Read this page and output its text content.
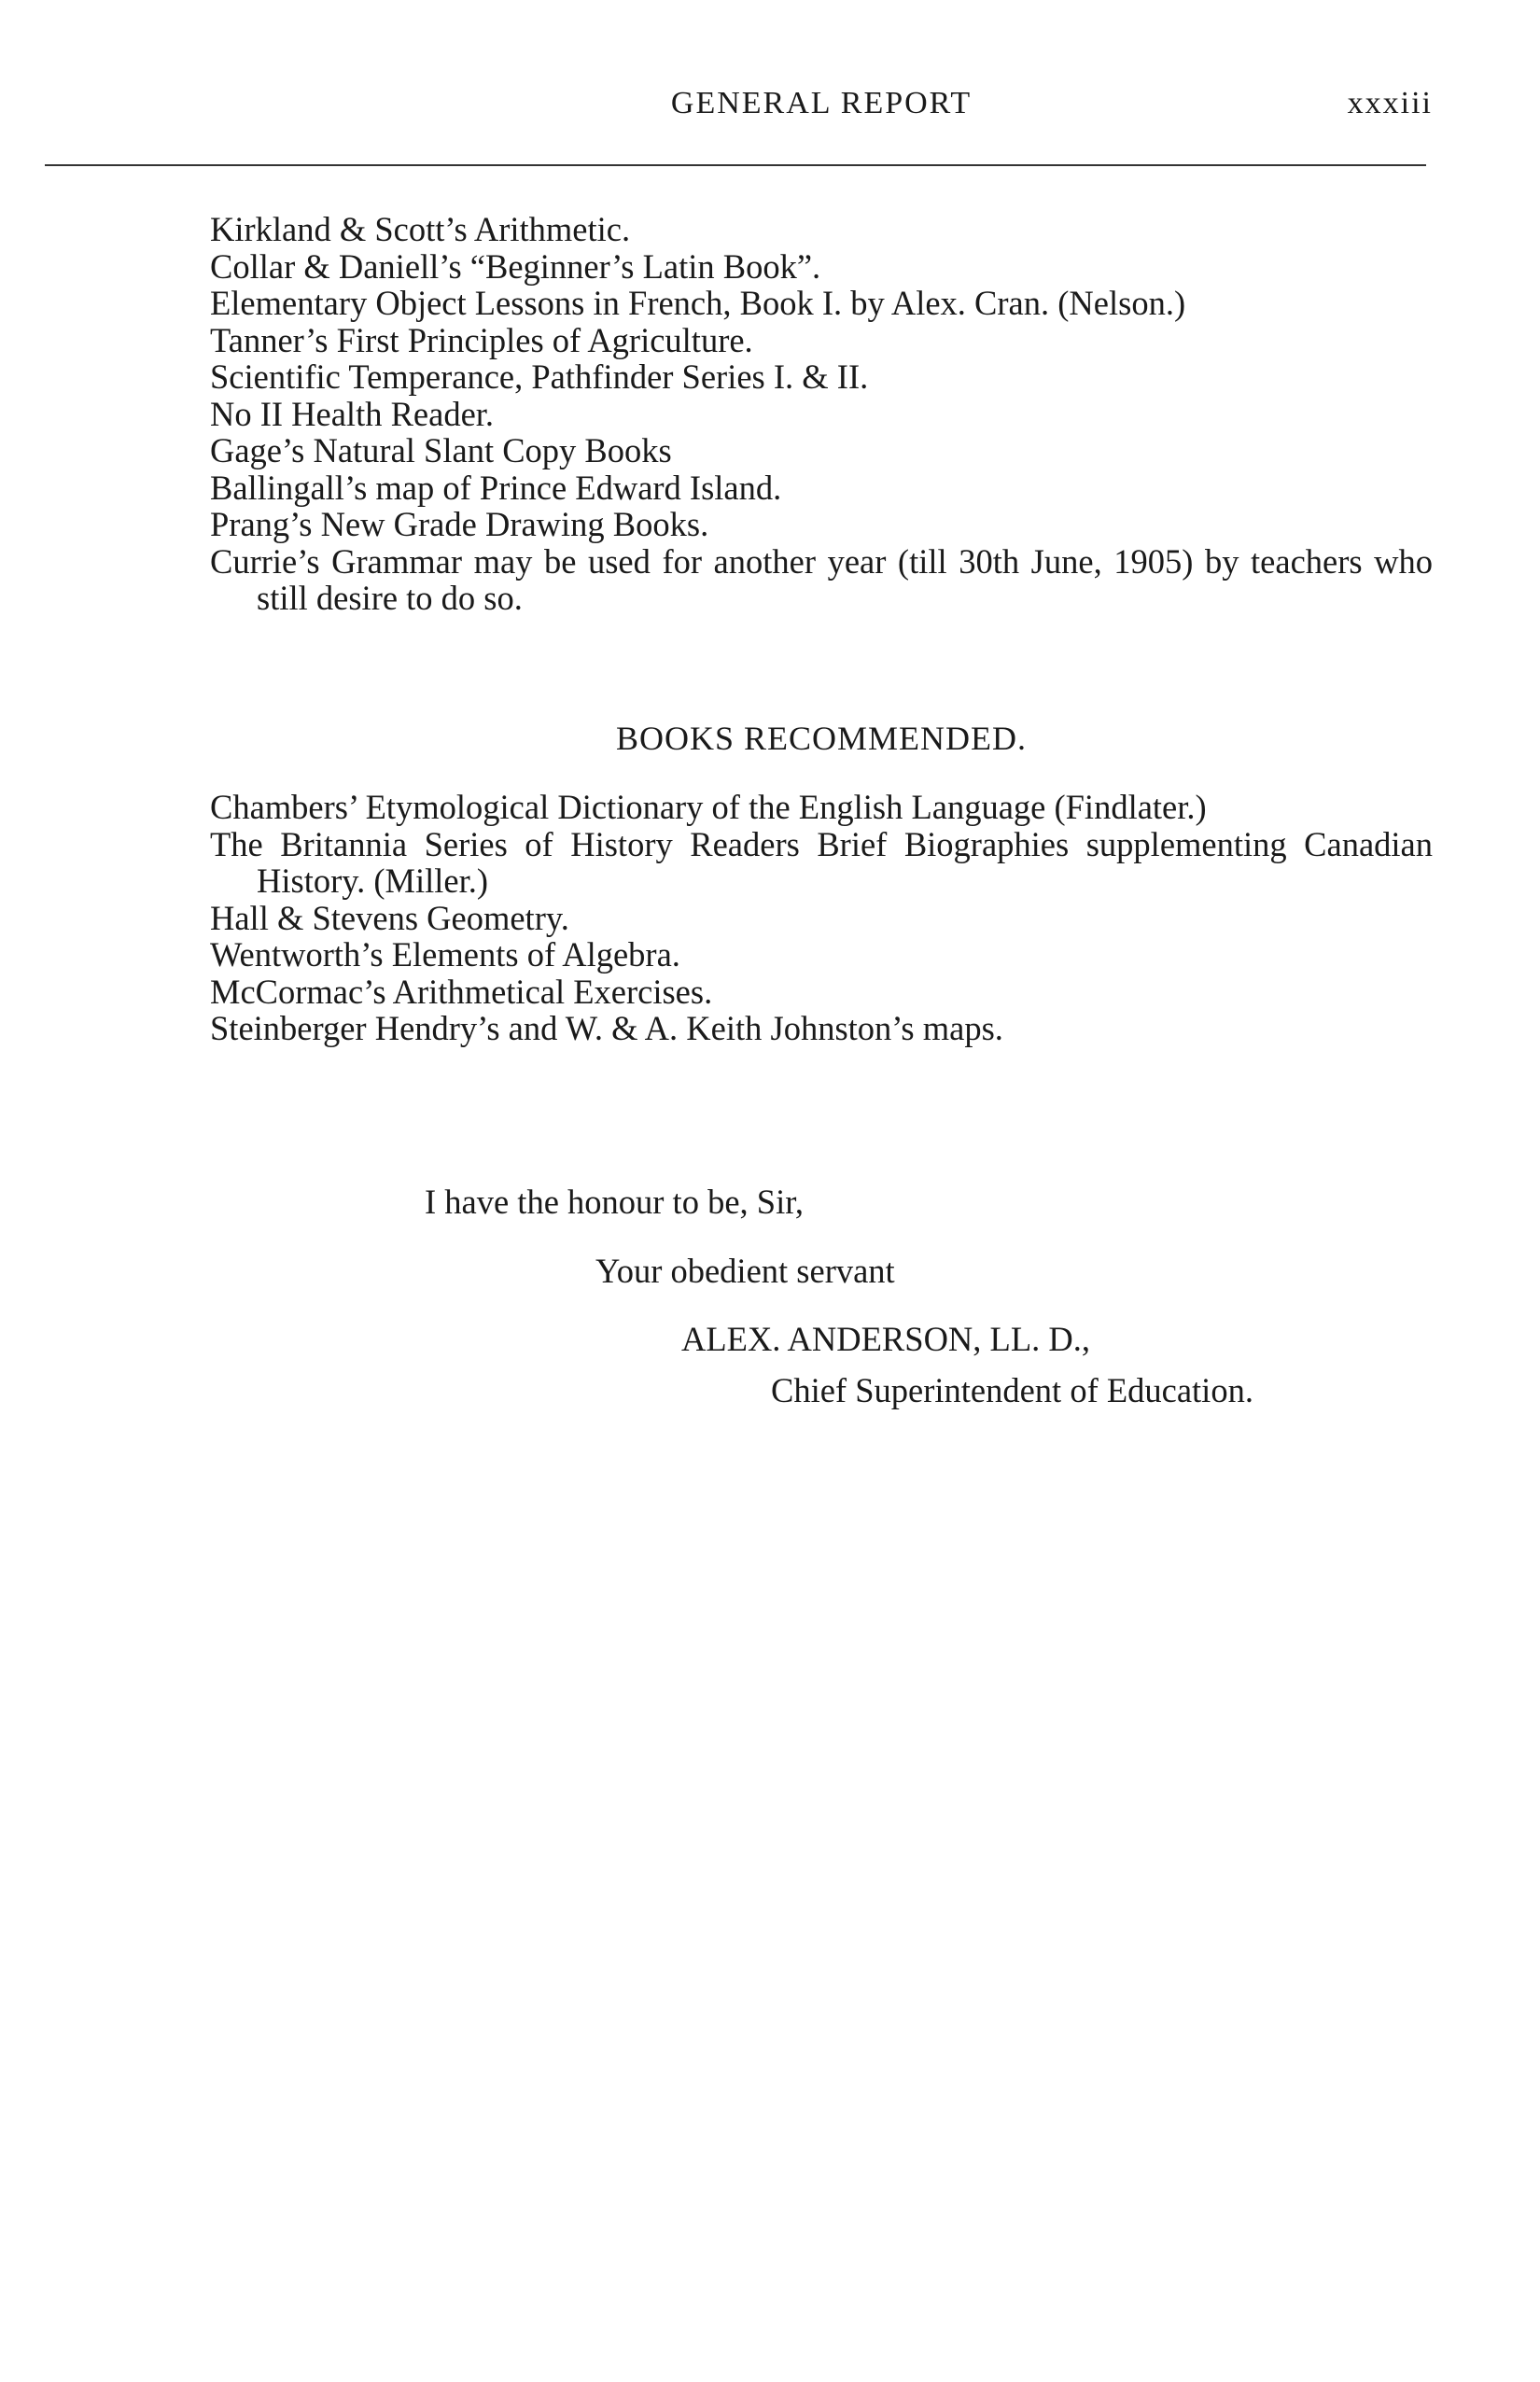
GENERAL REPORT	xxxiii

Kirkland & Scott’s Arithmetic.

Collar & Daniell’s “Beginner’s Latin Book”.

Elementary Object Lessons in French, Book I. by Alex. Cran. (Nelson.)

Tanner’s First Principles of Agriculture.

Scientific Temperance, Pathfinder Series I. & II.

No II Health Reader.

Gage’s Natural Slant Copy Books

Ballingall’s map of Prince Edward Island.

Prang’s New Grade Drawing Books.

Currie’s Grammar may be used for another year (till 30th June, 1905) by teachers who still desire to do so.

BOOKS RECOMMENDED.

Chambers’ Etymological Dictionary of the English Language (Findlater.)

The Britannia Series of History Readers Brief Biographies supplementing Canadian History. (Miller.)

Hall & Stevens Geometry.

Wentworth’s Elements of Algebra.

McCormac’s Arithmetical Exercises.

Steinberger Hendry’s and W. & A. Keith Johnston’s maps.

I have the honour to be, Sir,
Your obedient servant
ALEX. ANDERSON, LL. D.,
Chief Superintendent of Education.
